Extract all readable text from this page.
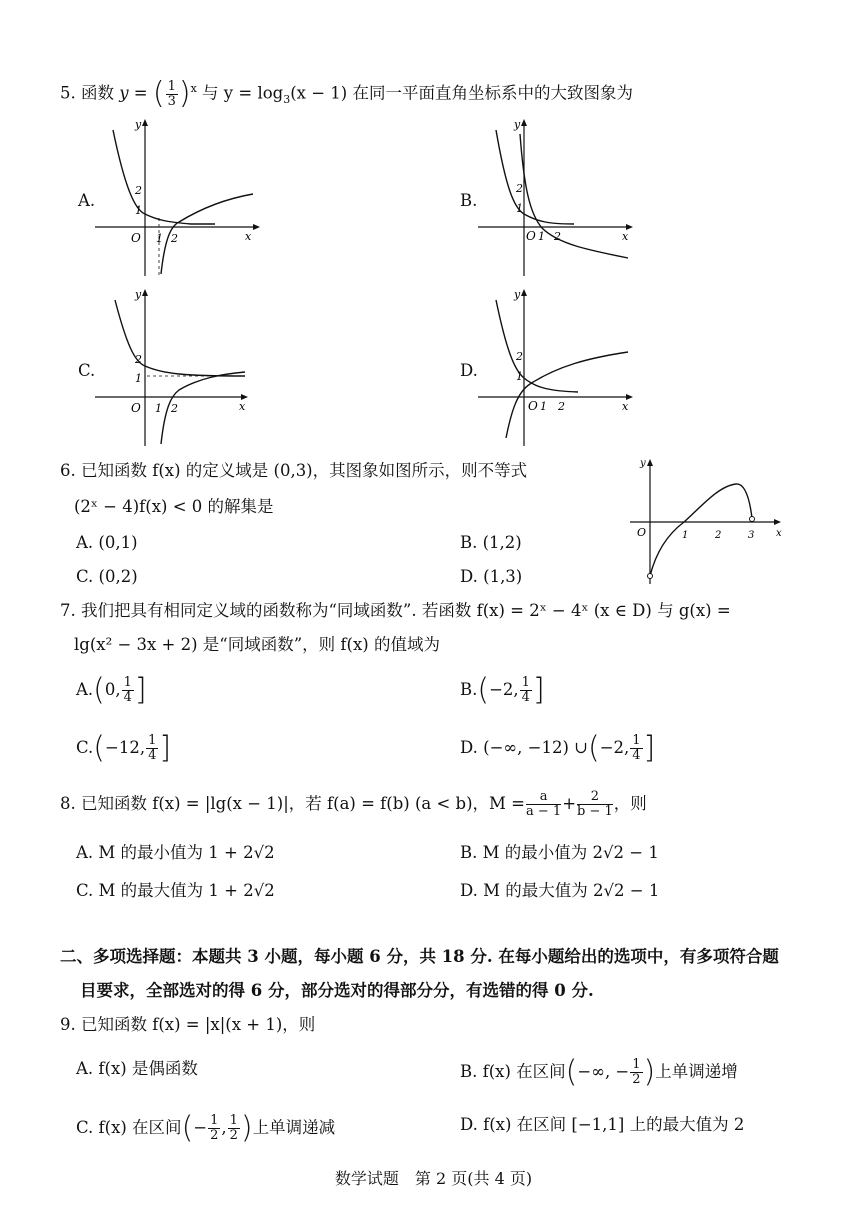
5. 函数 y = ( $\frac{1}{3} )^x$ 与 $y = \log_3(x - 1)$ 在同一平面直角坐标系中的大致图象为
A.	B.
C.	D.
y
x
O
1
2
1 2
y
x
O
1
2
1 2
y
x
O
1
2
1 2
y
x
O
1
2
1 2
6. 已知函数 f(x) 的定义域是 (0,3)，其图象如图所示，则不等式
(2ˣ − 4)f(x) < 0 的解集是
A. (0,1)	B. (1,2)
C. (0,2)	D. (1,3)
y
x
O	1	2	3
7. 我们把具有相同定义域的函数称为“同域函数”. 若函数 f(x) = 2ˣ − 4ˣ (x ∈ D) 与 g(x) =
lg(x² − 3x + 2) 是“同域函数”，则 f(x) 的值域为
A.(0, $\frac{1}{4}$ ]	B.(−2, $\frac{1}{4}$ ]
C.(−12, $\frac{1}{4}$ ]	D. (−∞, −12) ∪(−2, $\frac{1}{4}$ ]
8. 已知函数 f(x) = |lg(x − 1)|，若 f(a) = f(b) (a < b)，$M = \frac{a}{a - 1} + \frac{2}{b - 1}$ ，则
A. M 的最小值为 1 + 2√2	B. M 的最小值为 2√2 − 1
C. M 的最大值为 1 + 2√2	D. M 的最大值为 2√2 − 1
二、多项选择题：本题共 3 小题，每小题 6 分，共 18 分. 在每小题给出的选项中，有多项符合题
目要求，全部选对的得 6 分，部分选对的得部分分，有选错的得 0 分.
9. 已知函数 f(x) = |x|(x + 1)，则
A. f(x) 是偶函数	B. f(x) 在区间(−∞, − $\frac{1}{2}$ )上单调递增
C. f(x) 在区间(− $\frac{1}{2}$ , $\frac{1}{2}$ )上单调递减	D. f(x) 在区间 [−1,1] 上的最大值为 2
数学试题　第 2 页(共 4 页)
